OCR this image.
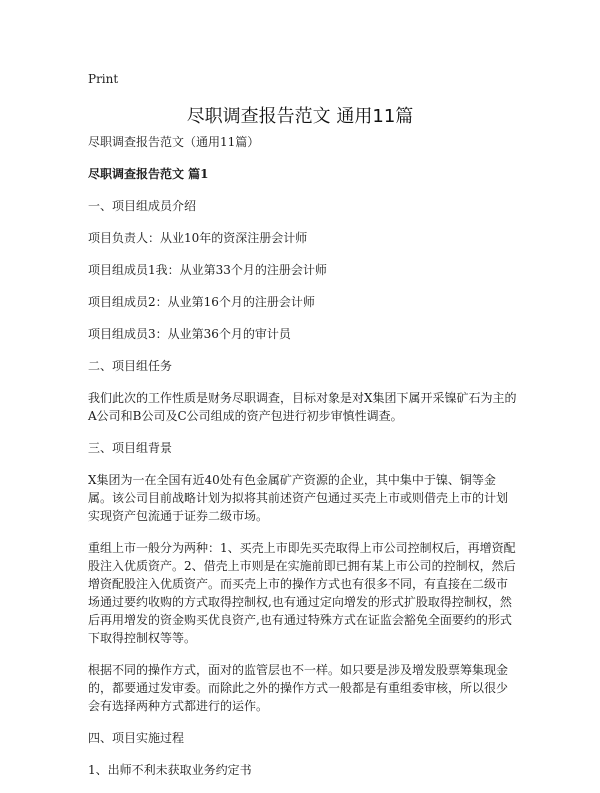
Print
尽职调查报告范文 通用11篇

尽职调查报告范文（通用11篇）

尽职调查报告范文 篇1

一、项目组成员介绍

项目负责人：从业10年的资深注册会计师

项目组成员1我：从业第33个月的注册会计师

项目组成员2：从业第16个月的注册会计师

项目组成员3：从业第36个月的审计员

二、项目组任务

我们此次的工作性质是财务尽职调查，目标对象是对X集团下属开采镍矿石为主的A公司和B公司及C公司组成的资产包进行初步审慎性调查。

三、项目组背景

X集团为一在全国有近40处有色金属矿产资源的企业，其中集中于镍、铜等金属。该公司目前战略计划为拟将其前述资产包通过买壳上市或则借壳上市的计划实现资产包流通于证券二级市场。

重组上市一般分为两种：1、买壳上市即先买壳取得上市公司控制权后，再增资配股注入优质资产。2、借壳上市则是在实施前即已拥有某上市公司的控制权，然后增资配股注入优质资产。而买壳上市的操作方式也有很多不同，有直接在二级市场通过要约收购的方式取得控制权,也有通过定向增发的形式扩股取得控制权，然后再用增发的资金购买优良资产,也有通过特殊方式在证监会豁免全面要约的形式下取得控制权等等。

根据不同的操作方式，面对的监管层也不一样。如只要是涉及增发股票筹集现金的，都要通过发审委。而除此之外的操作方式一般都是有重组委审核，所以很少会有选择两种方式都进行的运作。

四、项目实施过程

1、出师不利未获取业务约定书
